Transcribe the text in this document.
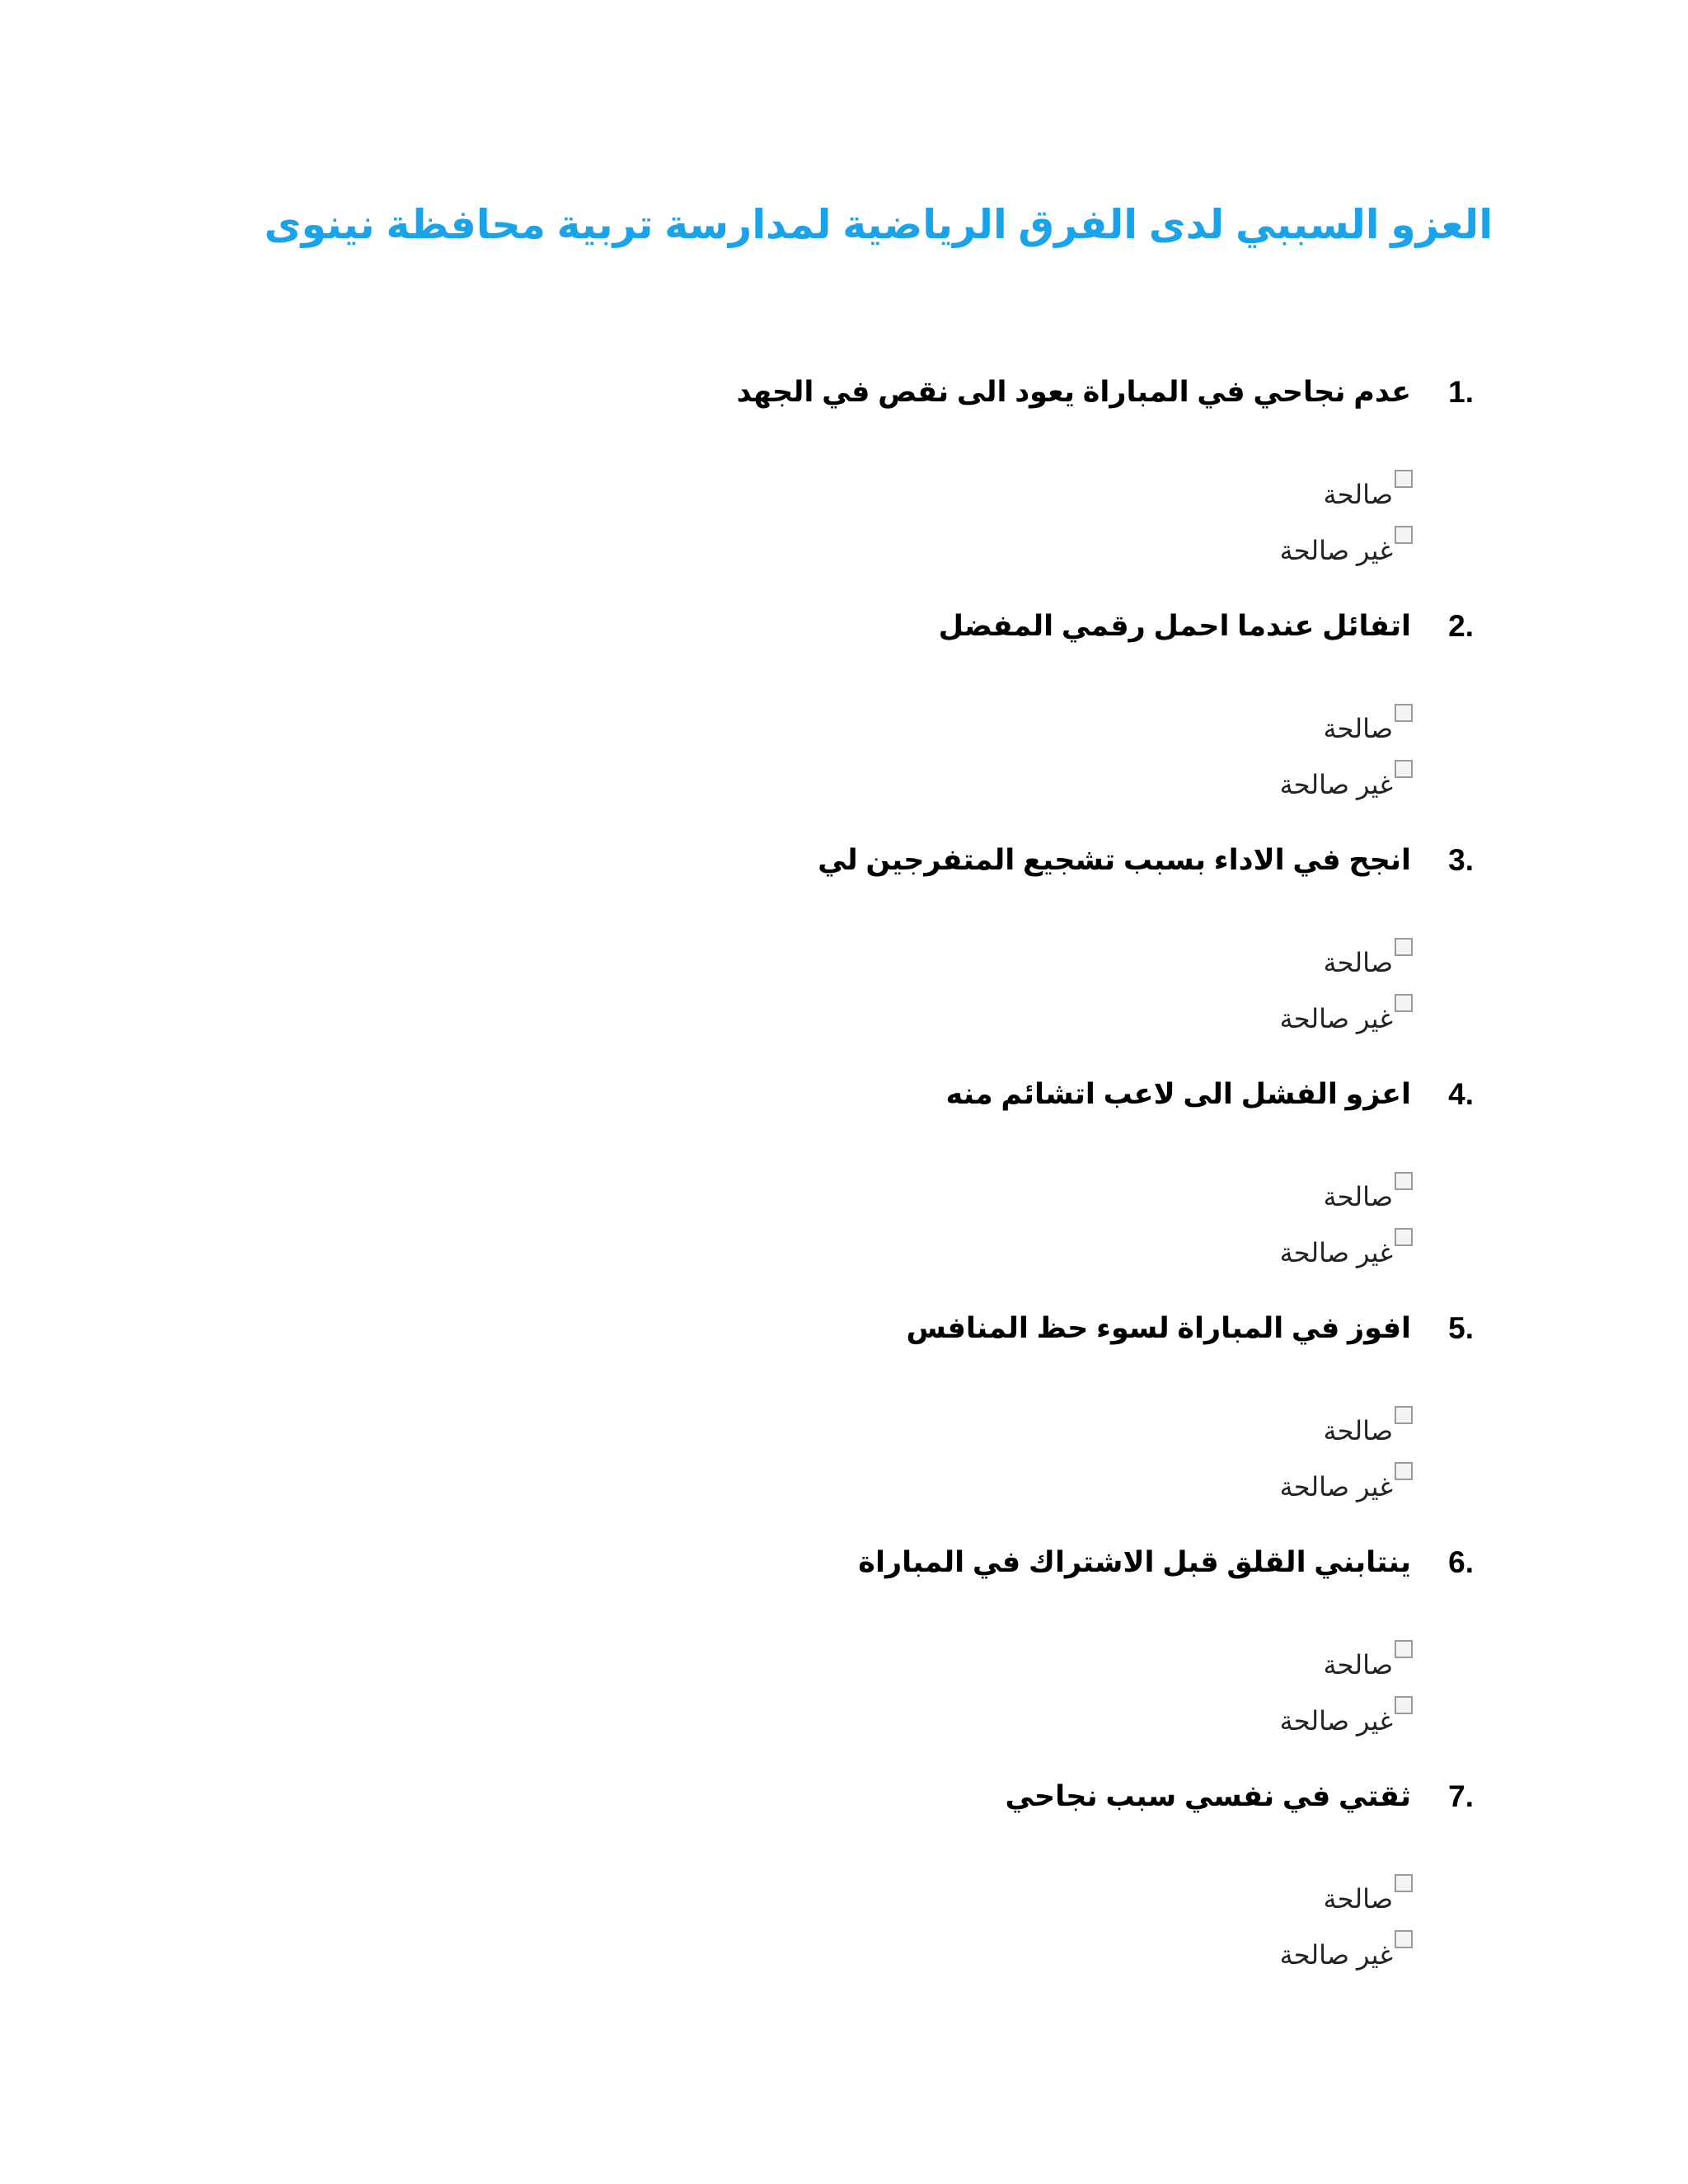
العزو السببي لدى الفرق الرياضية لمدارسة تربية محافظة نينوى
1.
عدم نجاحي في المباراة يعود الى نقص في الجهد
صالحة
غير صالحة
2.
اتفائل عندما احمل رقمي المفضل
صالحة
غير صالحة
3.
انجح في الاداء بسبب تشجيع المتفرجين لي
صالحة
غير صالحة
4.
اعزو الفشل الى لاعب اتشائم منه
صالحة
غير صالحة
5.
افوز في المباراة لسوء حظ المنافس
صالحة
غير صالحة
6.
ينتابني القلق قبل الاشتراك في المباراة
صالحة
غير صالحة
7.
ثقتي في نفسي سبب نجاحي
صالحة
غير صالحة
